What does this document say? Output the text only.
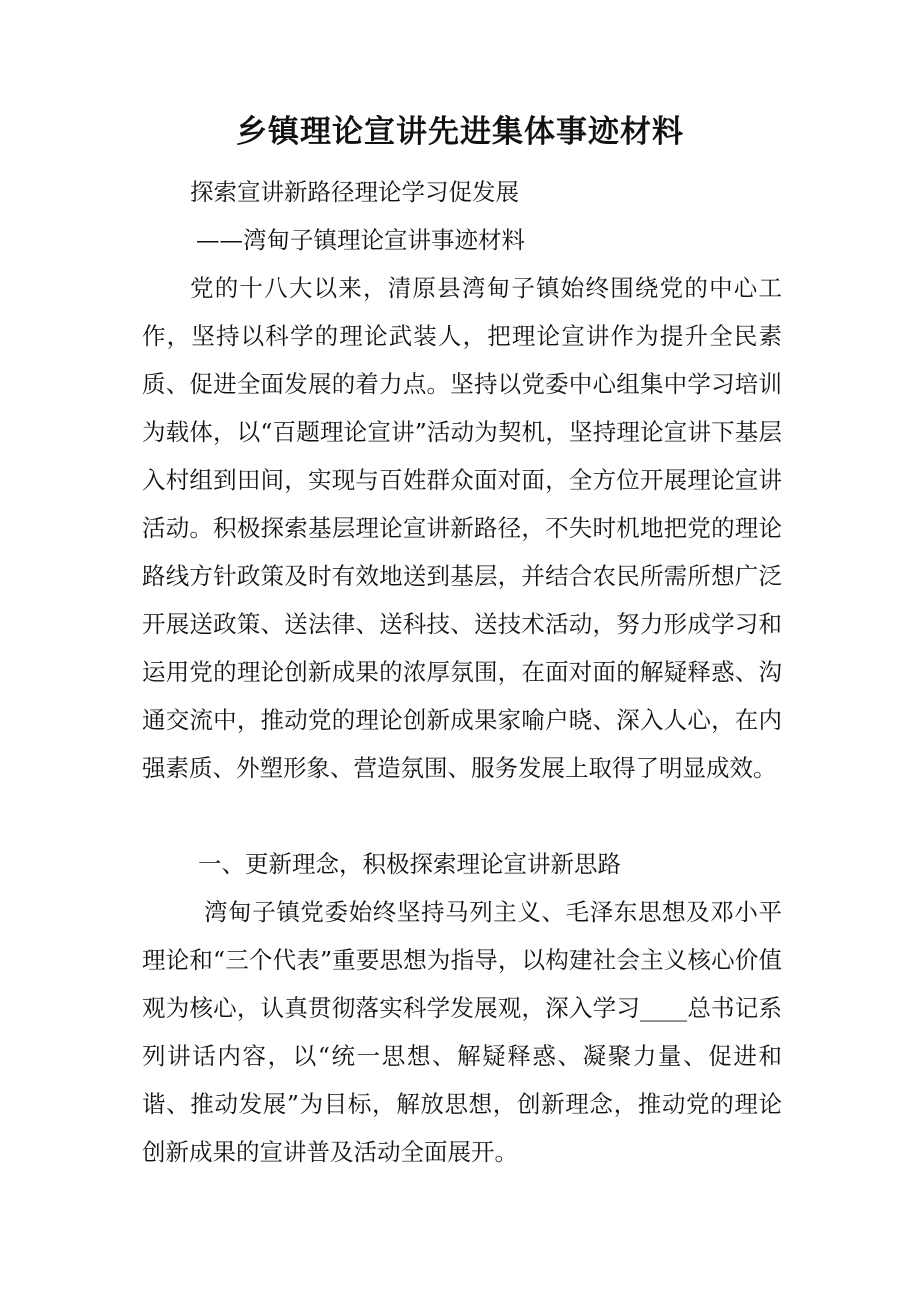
乡镇理论宣讲先进集体事迹材料

探索宣讲新路径理论学习促发展

——湾甸子镇理论宣讲事迹材料

党的十八大以来，清原县湾甸子镇始终围绕党的中心工作，坚持以科学的理论武装人，把理论宣讲作为提升全民素质、促进全面发展的着力点。坚持以党委中心组集中学习培训为载体，以“百题理论宣讲”活动为契机，坚持理论宣讲下基层入村组到田间，实现与百姓群众面对面，全方位开展理论宣讲活动。积极探索基层理论宣讲新路径，不失时机地把党的理论路线方针政策及时有效地送到基层，并结合农民所需所想广泛开展送政策、送法律、送科技、送技术活动，努力形成学习和运用党的理论创新成果的浓厚氛围，在面对面的解疑释惑、沟通交流中，推动党的理论创新成果家喻户晓、深入人心，在内强素质、外塑形象、营造氛围、服务发展上取得了明显成效。

一、更新理念，积极探索理论宣讲新思路

湾甸子镇党委始终坚持马列主义、毛泽东思想及邓小平理论和“三个代表”重要思想为指导，以构建社会主义核心价值观为核心，认真贯彻落实科学发展观，深入学习____总书记系列讲话内容，以“统一思想、解疑释惑、凝聚力量、促进和谐、推动发展”为目标，解放思想，创新理念，推动党的理论创新成果的宣讲普及活动全面展开。
